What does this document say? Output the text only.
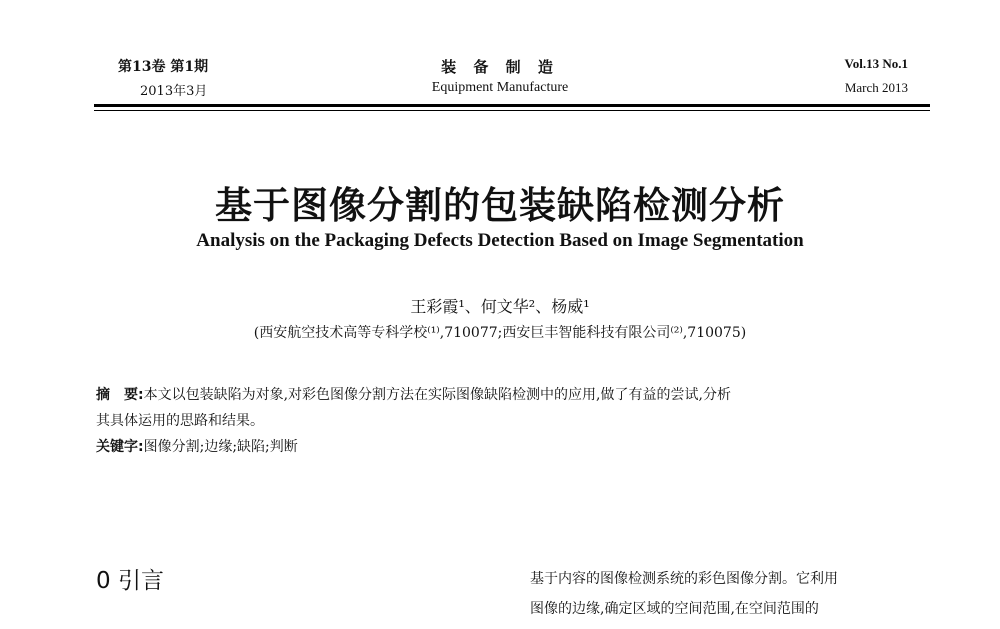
第13卷 第1期
2013年3月
装 备 制 造
Equipment Manufacture
Vol.13 No.1
March 2013
基于图像分割的包装缺陷检测分析
Analysis on the Packaging Defects Detection Based on Image Segmentation
王彩霞¹、何文华²、杨威¹
(西安航空技术高等专科学校⁽¹⁾,710077;西安巨丰智能科技有限公司⁽²⁾,710075)
摘　要:本文以包装缺陷为对象,对彩色图像分割方法在实际图像缺陷检测中的应用,做了有益的尝试,分析
其具体运用的思路和结果。
关键字:图像分割;边缘;缺陷;判断
0 引言	基于内容的图像检测系统的彩色图像分割。它利用
图像的边缘,确定区域的空间范围,在空间范围的
